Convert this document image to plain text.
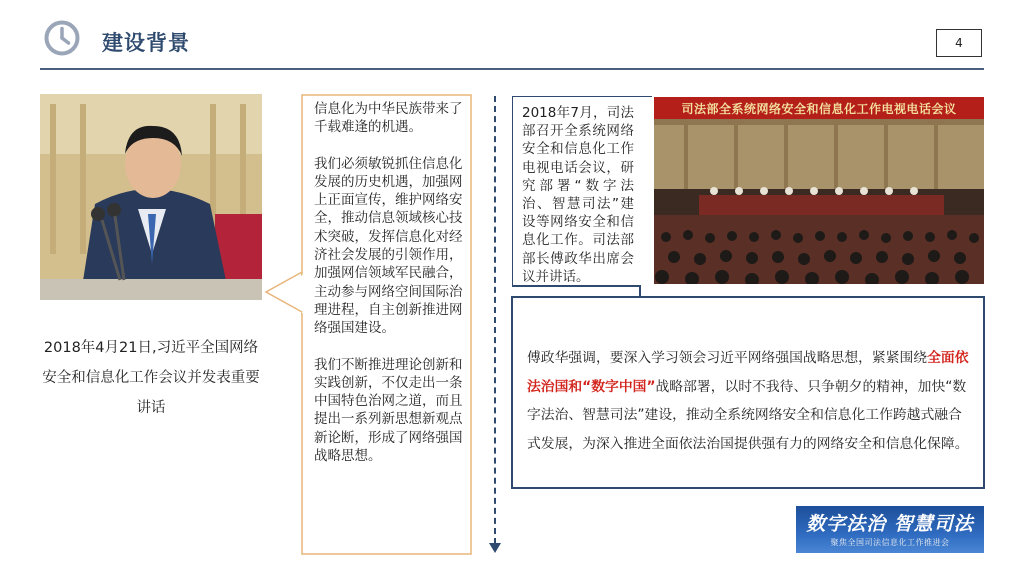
建设背景	4
2018年4月21日,习近平全国网络安全和信息化工作会议并发表重要讲话

信息化为中华民族带来了千载难逢的机遇。

我们必须敏锐抓住信息化发展的历史机遇，加强网上正面宣传，维护网络安全，推动信息领域核心技术突破，发挥信息化对经济社会发展的引领作用，加强网信领域军民融合，主动参与网络空间国际治理进程，自主创新推进网络强国建设。

我们不断推进理论创新和实践创新，不仅走出一条中国特色治网之道，而且提出一系列新思想新观点新论断，形成了网络强国战略思想。

2018年7月，司法部召开全系统网络安全和信息化工作电视电话会议，研究部署“数字法治、智慧司法”建设等网络安全和信息化工作。司法部部长傅政华出席会议并讲话。
司法部全系统网络安全和信息化工作电视电话会议
傅政华强调，要深入学习领会习近平网络强国战略思想，紧紧围绕全面依法治国和“数字中国”战略部署，以时不我待、只争朝夕的精神，加快“数字法治、智慧司法”建设，推动全系统网络安全和信息化工作跨越式融合式发展，为深入推进全面依法治国提供强有力的网络安全和信息化保障。
数字法治 智慧司法
聚焦全国司法信息化工作推进会
